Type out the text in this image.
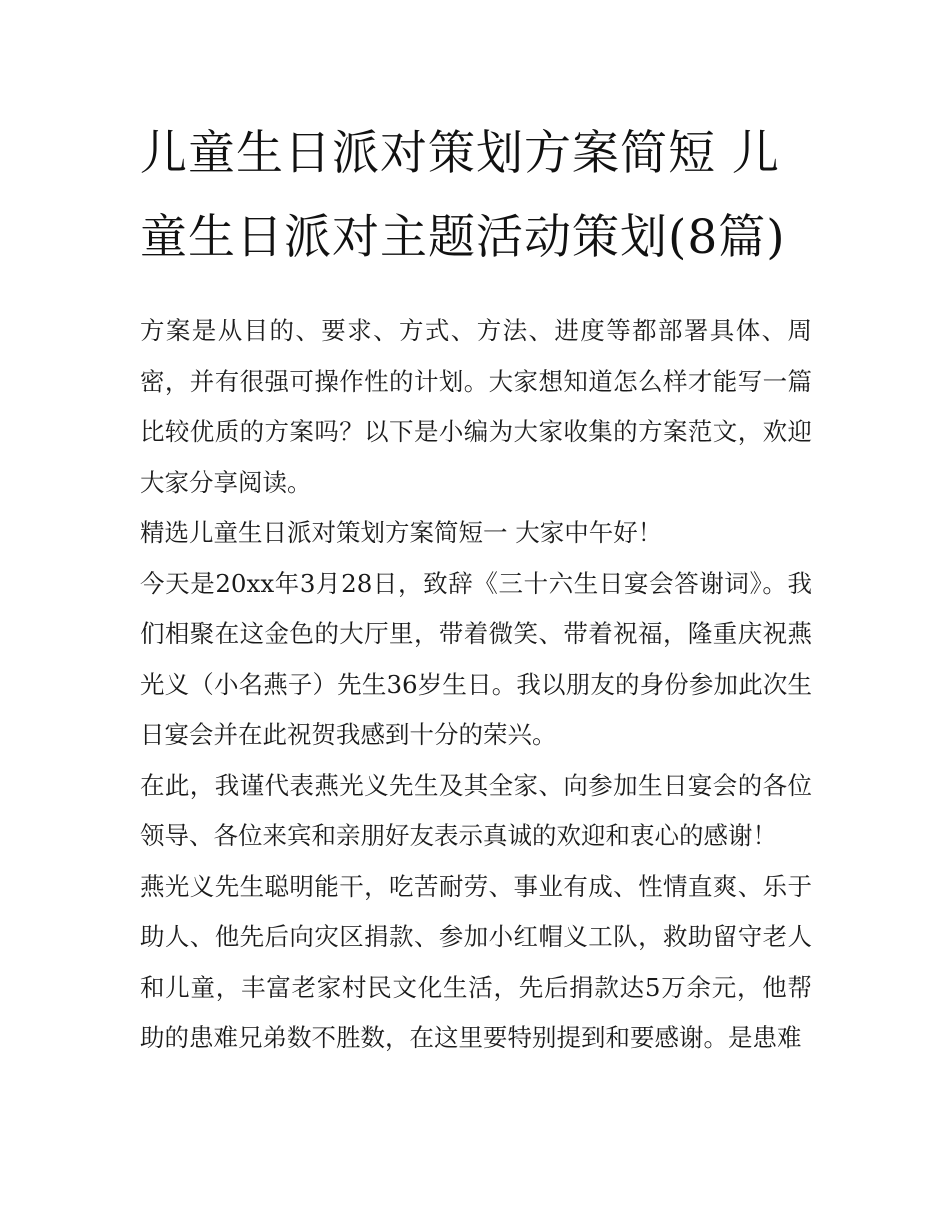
儿童生日派对策划方案简短 儿童生日派对主题活动策划(8篇)

方案是从目的、要求、方式、方法、进度等都部署具体、周密，并有很强可操作性的计划。大家想知道怎么样才能写一篇比较优质的方案吗？以下是小编为大家收集的方案范文，欢迎大家分享阅读。

精选儿童生日派对策划方案简短一 大家中午好！

今天是20xx年3月28日，致辞《三十六生日宴会答谢词》。我们相聚在这金色的大厅里，带着微笑、带着祝福，隆重庆祝燕光义（小名燕子）先生36岁生日。我以朋友的身份参加此次生日宴会并在此祝贺我感到十分的荣兴。

在此，我谨代表燕光义先生及其全家、向参加生日宴会的各位领导、各位来宾和亲朋好友表示真诚的欢迎和衷心的感谢！

燕光义先生聪明能干，吃苦耐劳、事业有成、性情直爽、乐于助人、他先后向灾区捐款、参加小红帽义工队，救助留守老人和儿童，丰富老家村民文化生活，先后捐款达5万余元，他帮助的患难兄弟数不胜数，在这里要特别提到和要感谢。是患难
